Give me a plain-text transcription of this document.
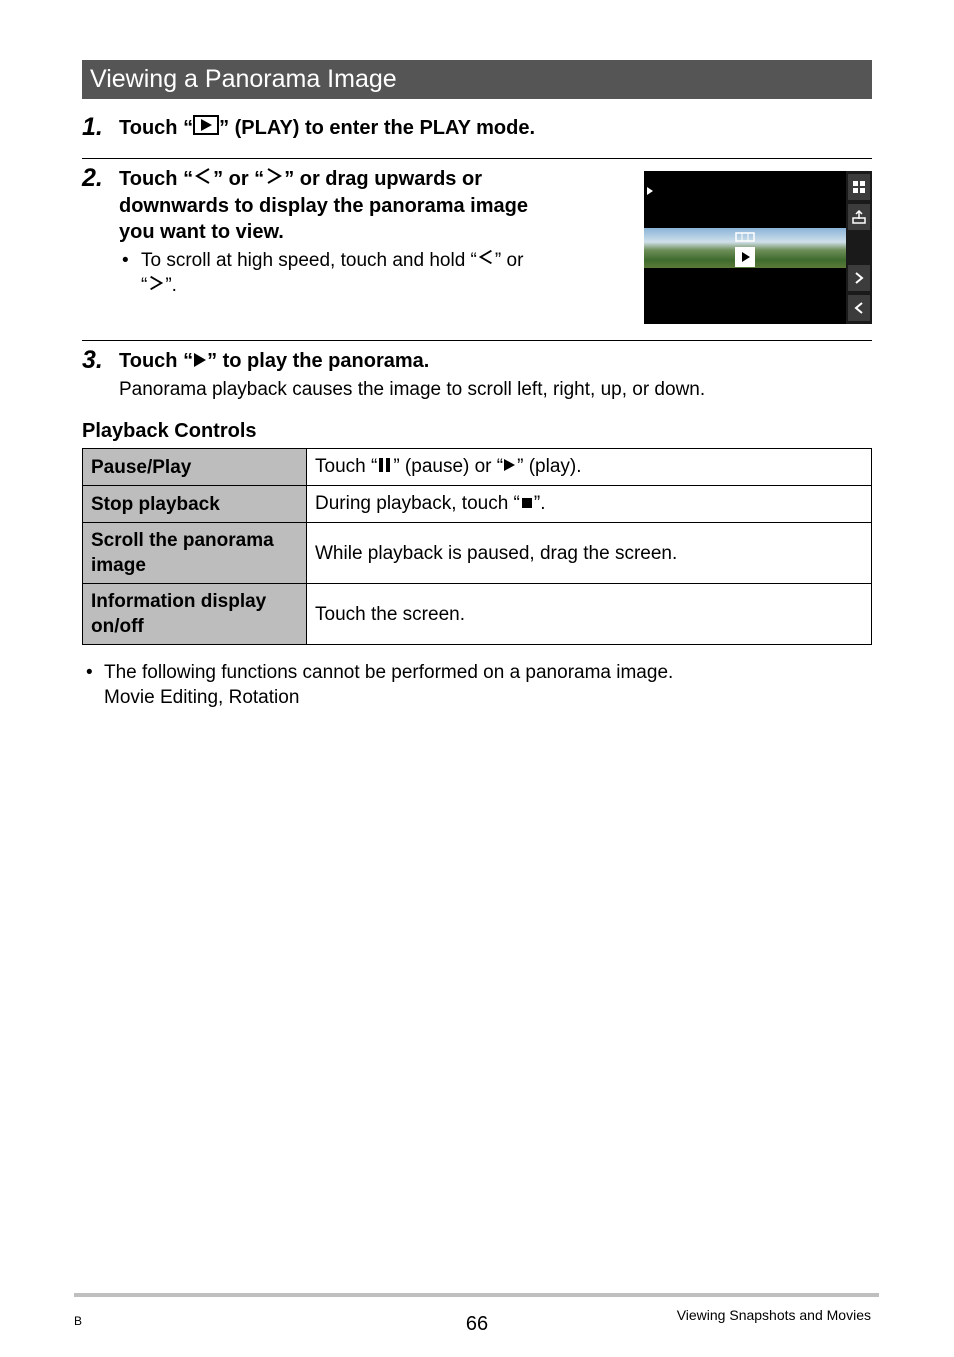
Viewing a Panorama Image
1. Touch “ ” (PLAY) to enter the PLAY mode.
2. Touch “ ” or “ ” or drag upwards or
downwards to display the panorama image
you want to view.
• To scroll at high speed, touch and hold “ ” or
“ ”.
3. Touch “ ” to play the panorama.
Panorama playback causes the image to scroll left, right, up, or down.
Playback Controls
Pause/Play	Touch “ ” (pause) or “ ” (play).
Stop playback	During playback, touch “ ”.

Scroll the panorama
image	While playback is paused, drag the screen.

Information display
on/off	Touch the screen.
• The following functions cannot be performed on a panorama image.
Movie Editing, Rotation
B	66	Viewing Snapshots and Movies
